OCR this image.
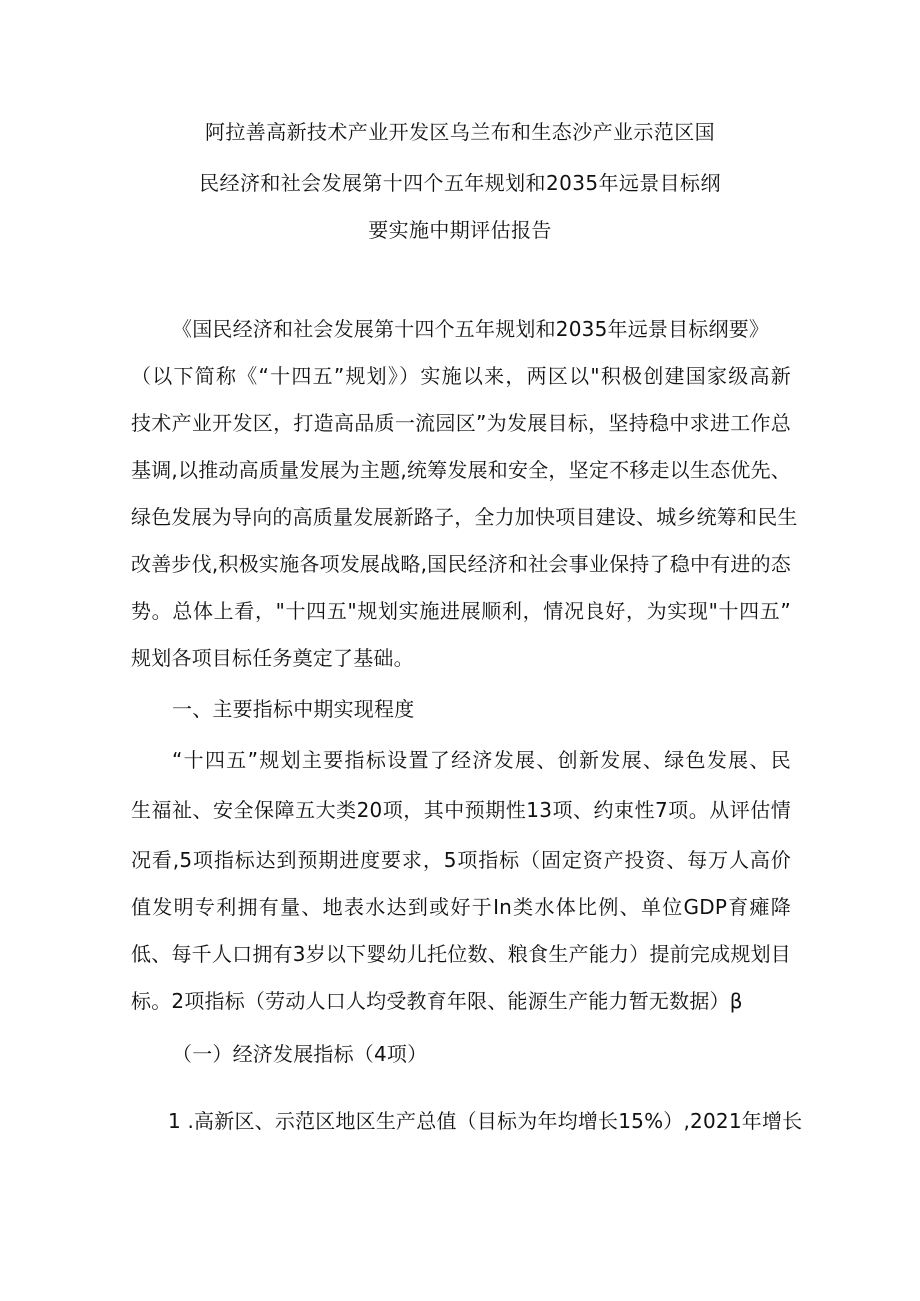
阿拉善高新技术产业开发区乌兰布和生态沙产业示范区国
民经济和社会发展第十四个五年规划和2035年远景目标纲
要实施中期评估报告
《国民经济和社会发展第十四个五年规划和2035年远景目标纲要》
（以下简称《“十四五”规划》）实施以来，两区以"积极创建国家级高新
技术产业开发区，打造高品质一流园区”为发展目标，坚持稳中求进工作总
基调,以推动高质量发展为主题,统筹发展和安全，坚定不移走以生态优先、
绿色发展为导向的高质量发展新路子，全力加快项目建设、城乡统筹和民生
改善步伐,积极实施各项发展战略,国民经济和社会事业保持了稳中有进的态
势。总体上看，"十四五"规划实施进展顺利，情况良好，为实现"十四五”
规划各项目标任务奠定了基础。
一、主要指标中期实现程度
“十四五”规划主要指标设置了经济发展、创新发展、绿色发展、民
生福祉、安全保障五大类20项，其中预期性13项、约束性7项。从评估情
况看,5项指标达到预期进度要求，5项指标（固定资产投资、每万人高价
值发明专利拥有量、地表水达到或好于In类水体比例、单位GDP育瘫降
低、每千人口拥有3岁以下婴幼儿托位数、粮食生产能力）提前完成规划目
标。2项指标（劳动人口人均受教育年限、能源生产能力暂无数据）β
（一）经济发展指标（4项）
1 .高新区、示范区地区生产总值（目标为年均增长15%）,2021年增长
